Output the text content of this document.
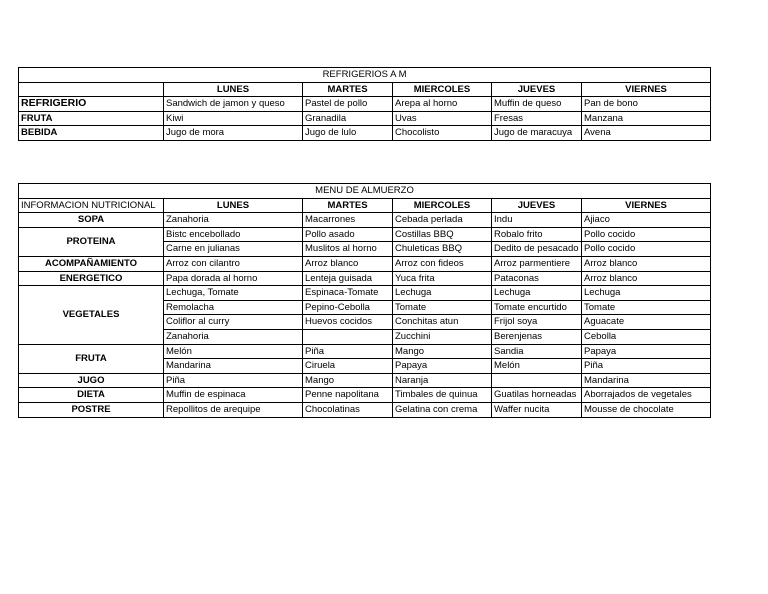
REFRIGERIOS A M					
	LUNES	MARTES	MIERCOLES	JUEVES	VIERNES
REFRIGERIO	Sandwich de jamon y queso	Pastel de pollo	Arepa al horno	Muffin de queso	Pan de bono
FRUTA	Kiwi	Granadila	Uvas	Fresas	Manzana
BEBIDA	Jugo de mora	Jugo de lulo	Chocolisto	Jugo de maracuya	Avena
MENU DE ALMUERZO					
INFORMACION NUTRICIONAL	LUNES	MARTES	MIERCOLES	JUEVES	VIERNES
SOPA	Zanahoria	Macarrones	Cebada perlada	Indu	Ajiaco
PROTEINA	Bistc encebollado	Pollo asado	Costillas BBQ	Robalo frito	Pollo cocido
	Carne en julianas	Muslitos al horno	Chuleticas BBQ	Dedito de pesacado	Pollo cocido
ACOMPAÑAMIENTO	Arroz con cilantro	Arroz blanco	Arroz con fideos	Arroz parmentiere	Arroz blanco
ENERGETICO	Papa dorada al horno	Lenteja guisada	Yuca frita	Pataconas	Arroz blanco
VEGETALES	Lechuga, Tomate	Espinaca-Tomate	Lechuga	Lechuga	Lechuga
	Remolacha	Pepino-Cebolla	Tomate	Tomate encurtido	Tomate
	Coliflor al curry	Huevos cocidos	Conchitas atun	Frijol soya	Aguacate
	Zanahoria		Zucchini	Berenjenas	Cebolla
FRUTA	Melón	Piña	Mango	Sandia	Papaya
	Mandarina	Ciruela	Papaya	Melón	Piña
JUGO	Piña	Mango	Naranja		Mandarina
DIETA	Muffin de espinaca	Penne napolitana	Timbales de quinua	Guatilas horneadas	Aborrajados de vegetales
POSTRE	Repollitos de arequipe	Chocolatinas	Gelatina con crema	Waffer nucita	Mousse de chocolate
